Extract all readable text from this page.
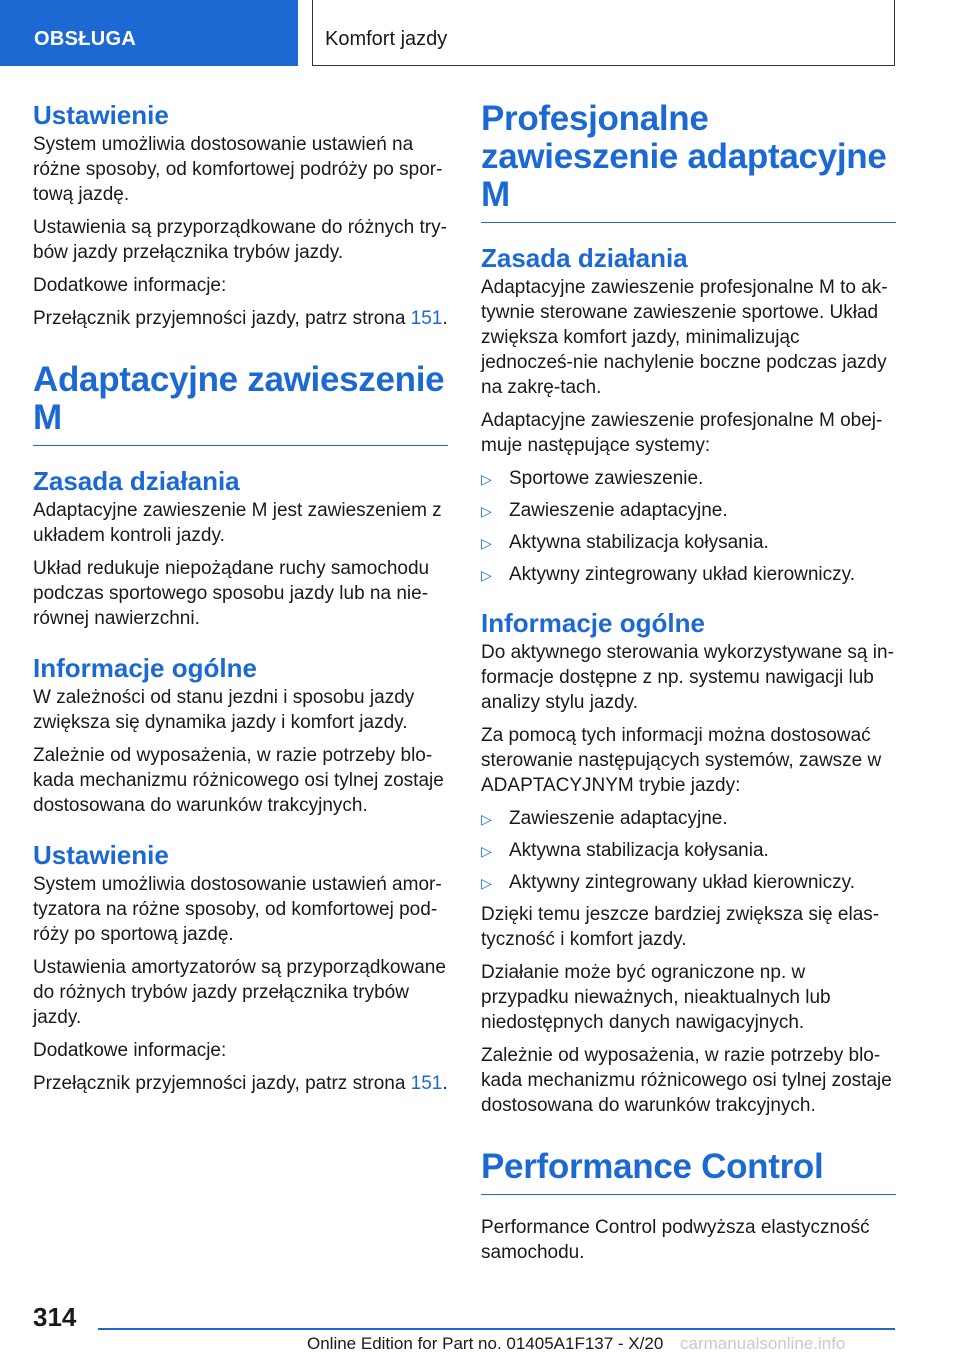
OBSŁUGA	Komfort jazdy
Ustawienie

System umożliwia dostosowanie ustawień na różne sposoby, od komfortowej podróży po spor-tową jazdę.

Ustawienia są przyporządkowane do różnych try-bów jazdy przełącznika trybów jazdy.

Dodatkowe informacje:

Przełącznik przyjemności jazdy, patrz strona 151.

Adaptacyjne zawieszenie M
Zasada działania

Adaptacyjne zawieszenie M jest zawieszeniem z układem kontroli jazdy.

Układ redukuje niepożądane ruchy samochodu podczas sportowego sposobu jazdy lub na nie-równej nawierzchni.

Informacje ogólne

W zależności od stanu jezdni i sposobu jazdy zwiększa się dynamika jazdy i komfort jazdy.

Zależnie od wyposażenia, w razie potrzeby blo-kada mechanizmu różnicowego osi tylnej zostaje dostosowana do warunków trakcyjnych.

Ustawienie

System umożliwia dostosowanie ustawień amor-tyzatora na różne sposoby, od komfortowej pod-róży po sportową jazdę.

Ustawienia amortyzatorów są przyporządkowane do różnych trybów jazdy przełącznika trybów jazdy.

Dodatkowe informacje:

Przełącznik przyjemności jazdy, patrz strona 151.

Profesjonalne zawieszenie adaptacyjne M
Zasada działania

Adaptacyjne zawieszenie profesjonalne M to ak-tywnie sterowane zawieszenie sportowe. Układ zwiększa komfort jazdy, minimalizując jednocześ-nie nachylenie boczne podczas jazdy na zakrę-tach.

Adaptacyjne zawieszenie profesjonalne M obej-muje następujące systemy:

▷ Sportowe zawieszenie.
▷ Zawieszenie adaptacyjne.
▷ Aktywna stabilizacja kołysania.
▷ Aktywny zintegrowany układ kierowniczy.
Informacje ogólne

Do aktywnego sterowania wykorzystywane są in-formacje dostępne z np. systemu nawigacji lub analizy stylu jazdy.

Za pomocą tych informacji można dostosować sterowanie następujących systemów, zawsze w ADAPTACYJNYM trybie jazdy:

▷ Zawieszenie adaptacyjne.
▷ Aktywna stabilizacja kołysania.
▷ Aktywny zintegrowany układ kierowniczy.

Dzięki temu jeszcze bardziej zwiększa się elas-tyczność i komfort jazdy.

Działanie może być ograniczone np. w przypadku nieważnych, nieaktualnych lub niedostępnych danych nawigacyjnych.

Zależnie od wyposażenia, w razie potrzeby blo-kada mechanizmu różnicowego osi tylnej zostaje dostosowana do warunków trakcyjnych.

Performance Control

Performance Control podwyższa elastyczność samochodu.

314
Online Edition for Part no. 01405A1F137 - X/20 carmanualsonline.info
